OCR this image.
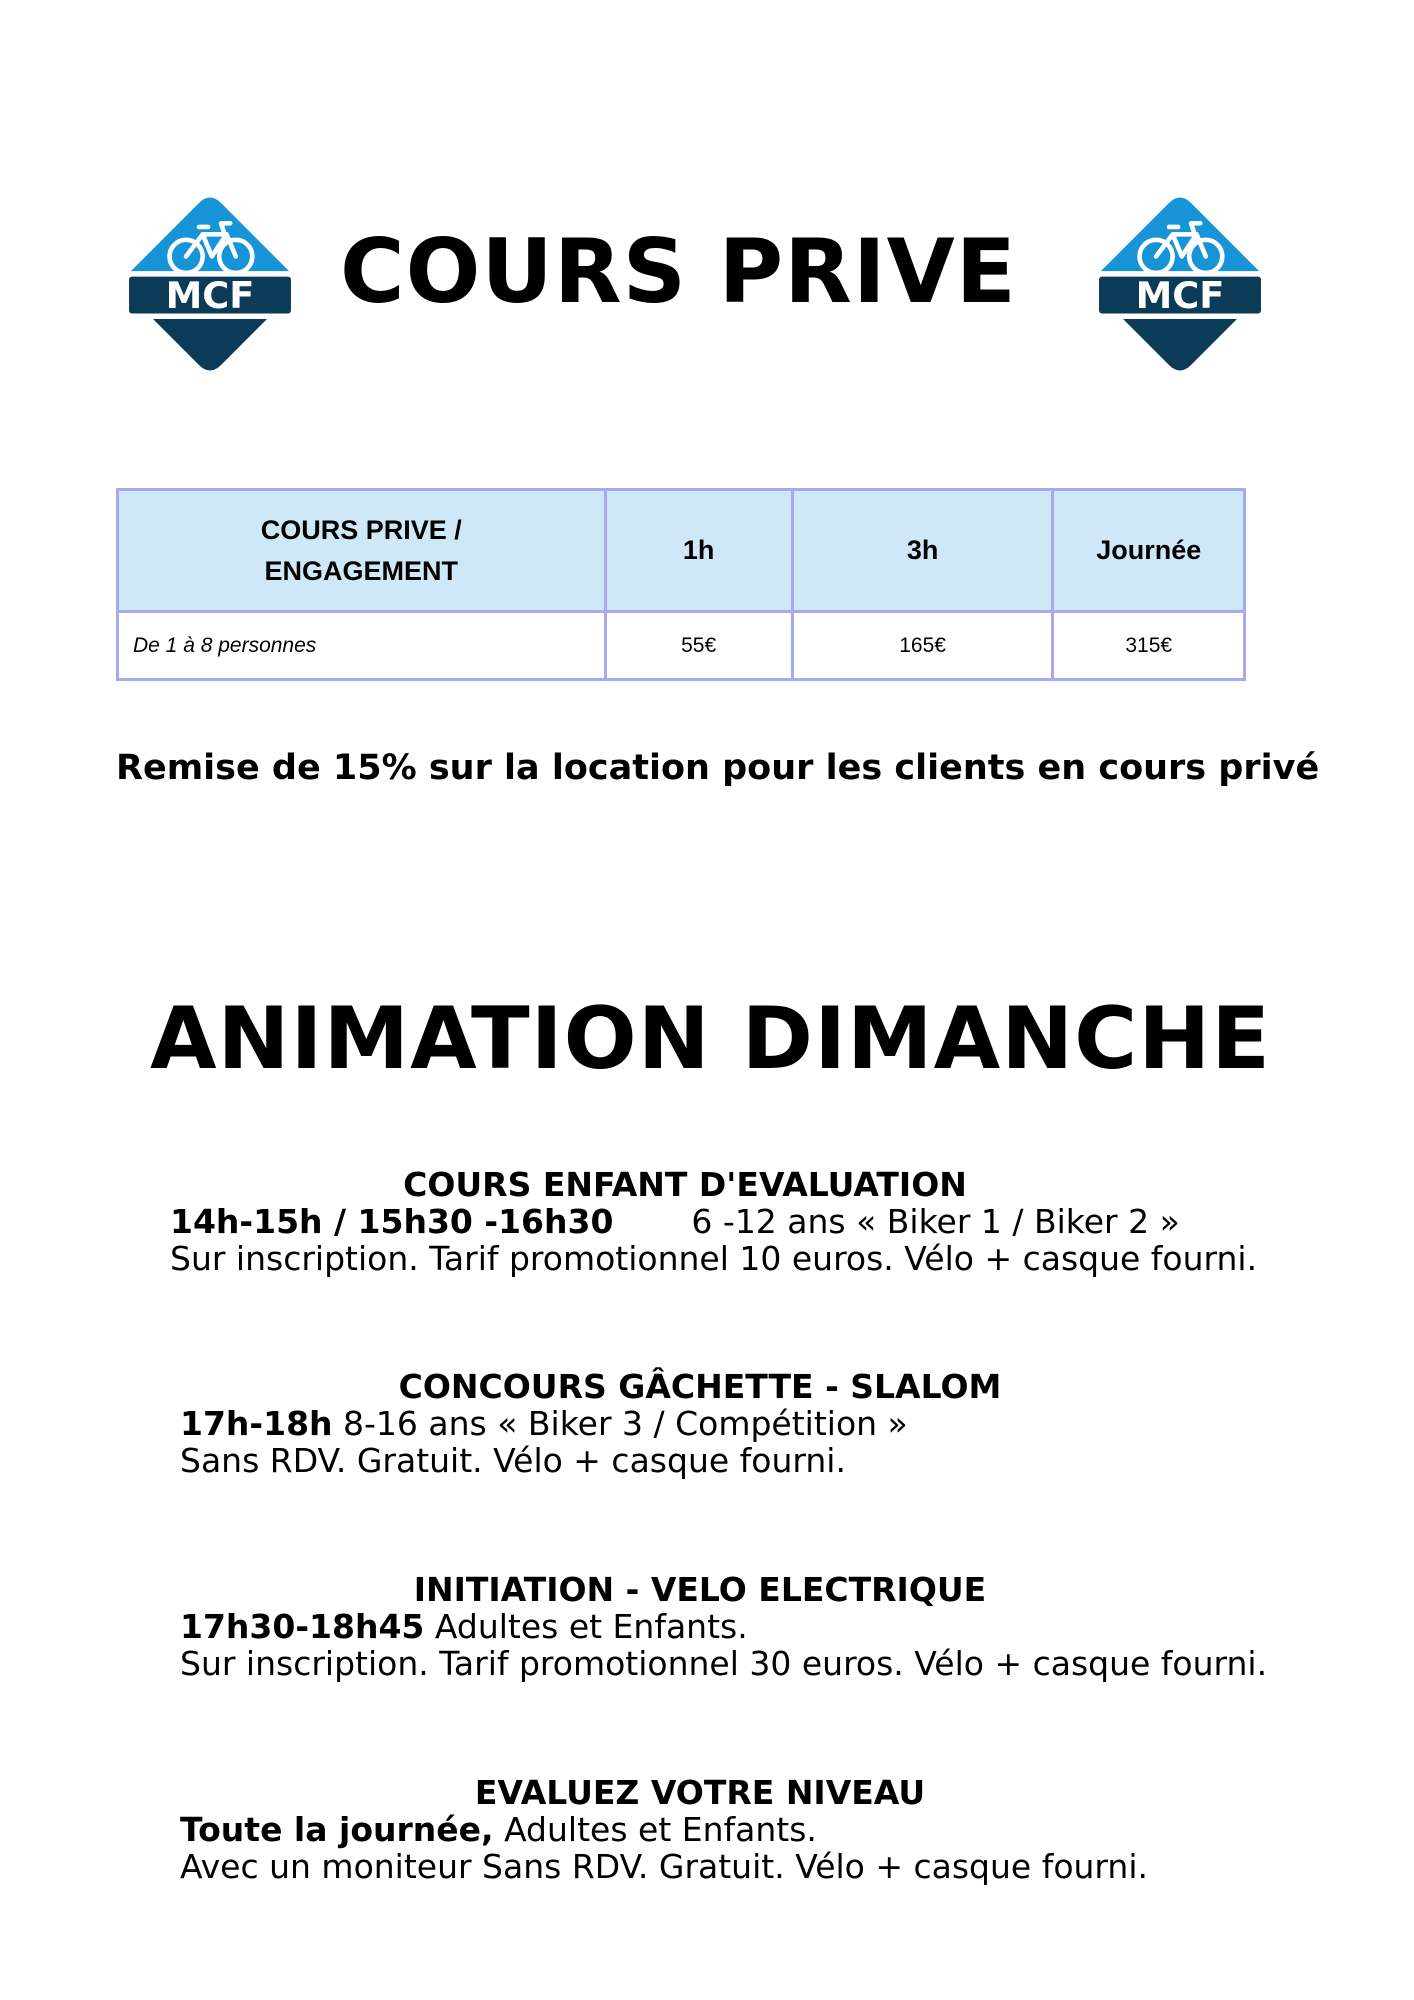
MCF COURS PRIVE	MCF
COURS PRIVE / ENGAGEMENT	1h	3h	Journée
De 1 à 8 personnes	55€	165€	315€
Remise de 15% sur la location pour les clients en cours privé
ANIMATION DIMANCHE
COURS ENFANT D'EVALUATION
14h-15h / 15h30 -16h30 6 -12 ans « Biker 1 / Biker 2 »
Sur inscription. Tarif promotionnel 10 euros. Vélo + casque fourni.
CONCOURS GÂCHETTE - SLALOM
17h-18h 8-16 ans « Biker 3 / Compétition »
Sans RDV. Gratuit. Vélo + casque fourni.
INITIATION - VELO ELECTRIQUE
17h30-18h45 Adultes et Enfants.
Sur inscription. Tarif promotionnel 30 euros. Vélo + casque fourni.
EVALUEZ VOTRE NIVEAU
Toute la journée, Adultes et Enfants.
Avec un moniteur Sans RDV. Gratuit. Vélo + casque fourni.
